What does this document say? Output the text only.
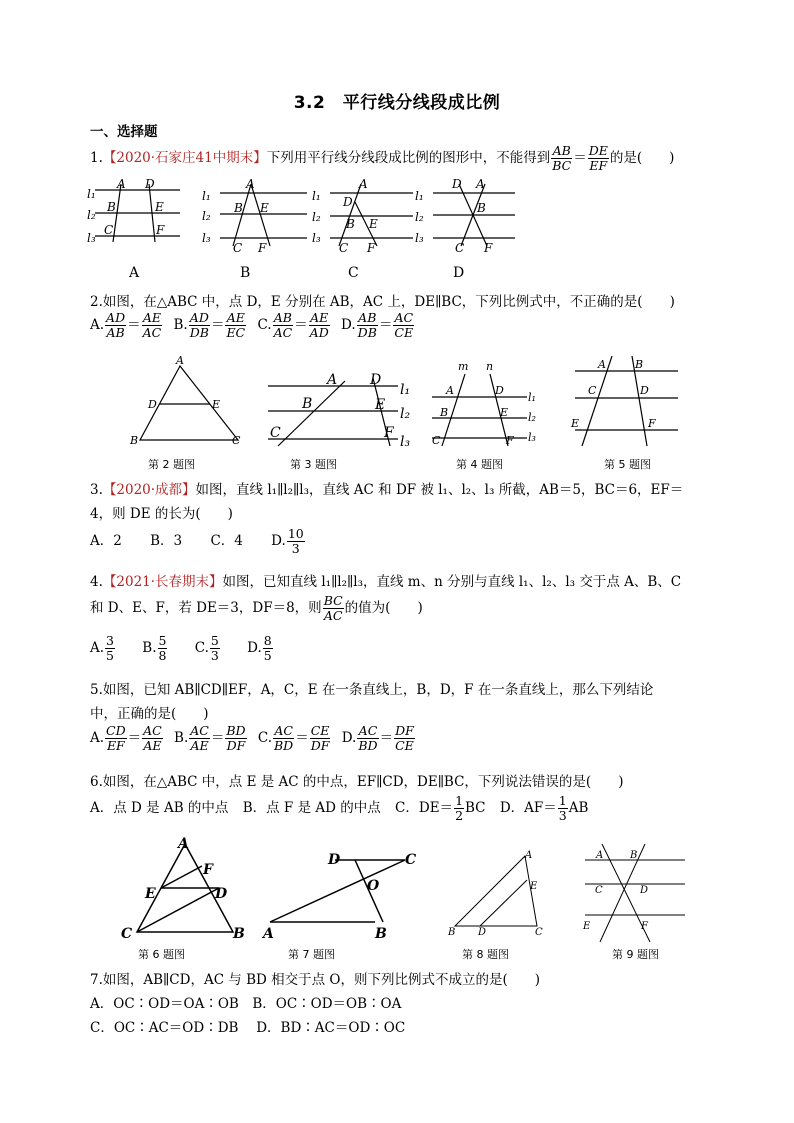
3.2　平行线分线段成比例
一、选择题
1.【2020·石家庄41中期末】下列用平行线分线段成比例的图形中，不能得到 $\frac{AB}{BC} = \frac{DE}{EF}$ 的是(　　)
l₁
l₂
l₃
A D
B	E
C	F
l₁
l₂
l₃
A
B E
C F
l₁
l₂
l₃
A
D
B E
C F
l₁
l₂
l₃
D A
B
C F
A	B	C	D
2.如图，在△ABC 中，点 D，E 分别在 AB，AC 上，DE∥BC，下列比例式中，不正确的是(　　)
A. $\frac{AD}{AB} = \frac{AE}{AC} B$. $\frac{AD}{DB} = \frac{AE}{EC} C$. $\frac{AB}{AC} = \frac{AE}{AD} D$. $\frac{AB}{DB} = \frac{AC}{CE}$
A
D	E
B	C
A D
l₁
B	E
l₂
C	F
l₃
m n
A	D
l₁
B	E l₂
C	F l₃
A	B
C	D
E	F
第 2 题图	第 3 题图	第 4 题图	第 5 题图
3.【2020·成都】如图，直线 l₁∥l₂∥l₃，直线 AC 和 DF 被 l₁、l₂、l₃ 所截，AB＝5，BC＝6，EF＝
4，则 DE 的长为(　　)
A．2 B．3 C．4 D. $\frac{10}{3}$
4.【2021·长春期末】如图，已知直线 l₁∥l₂∥l₃，直线 m、n 分别与直线 l₁、l₂、l₃ 交于点 A、B、C
和 D、E、F，若 DE＝3，DF＝8，则 $\frac{BC}{AC}$ 的值为(　　)
A. $\frac{3}{5} B$. $\frac{5}{8} C$. $\frac{5}{3} D$. $\frac{8}{5}$
5.如图，已知 AB∥CD∥EF，A，C，E 在一条直线上，B，D，F 在一条直线上，那么下列结论
中，正确的是(　　)
A. $\frac{CD}{EF} = \frac{AC}{AE} B$. $\frac{AC}{AE} = \frac{BD}{DF} C$. $\frac{AC}{BD} = \frac{CE}{DF} D$. $\frac{AC}{BD} = \frac{DF}{CE}$
6.如图，在△ABC 中，点 E 是 AC 的中点，EF∥CD，DE∥BC，下列说法错误的是(　　)
A．点 D 是 AB 的中点 B．点 F 是 AD 的中点 C．$DE= \frac{1}{2}$ BC D．$AF= \frac{1}{3}$ AB
A
F
E	D
C	B
D	C
O
A	B
A
E
B D	C
A	B
C	D
E	F
第 6 题图	第 7 题图	第 8 题图	第 9 题图
7.如图，AB∥CD，AC 与 BD 相交于点 O，则下列比例式不成立的是(　　)
A．OC∶OD＝OA∶OB　B．OC∶OD＝OB∶OA
C．OC∶AC＝OD∶DB　 D．BD∶AC＝OD∶OC
